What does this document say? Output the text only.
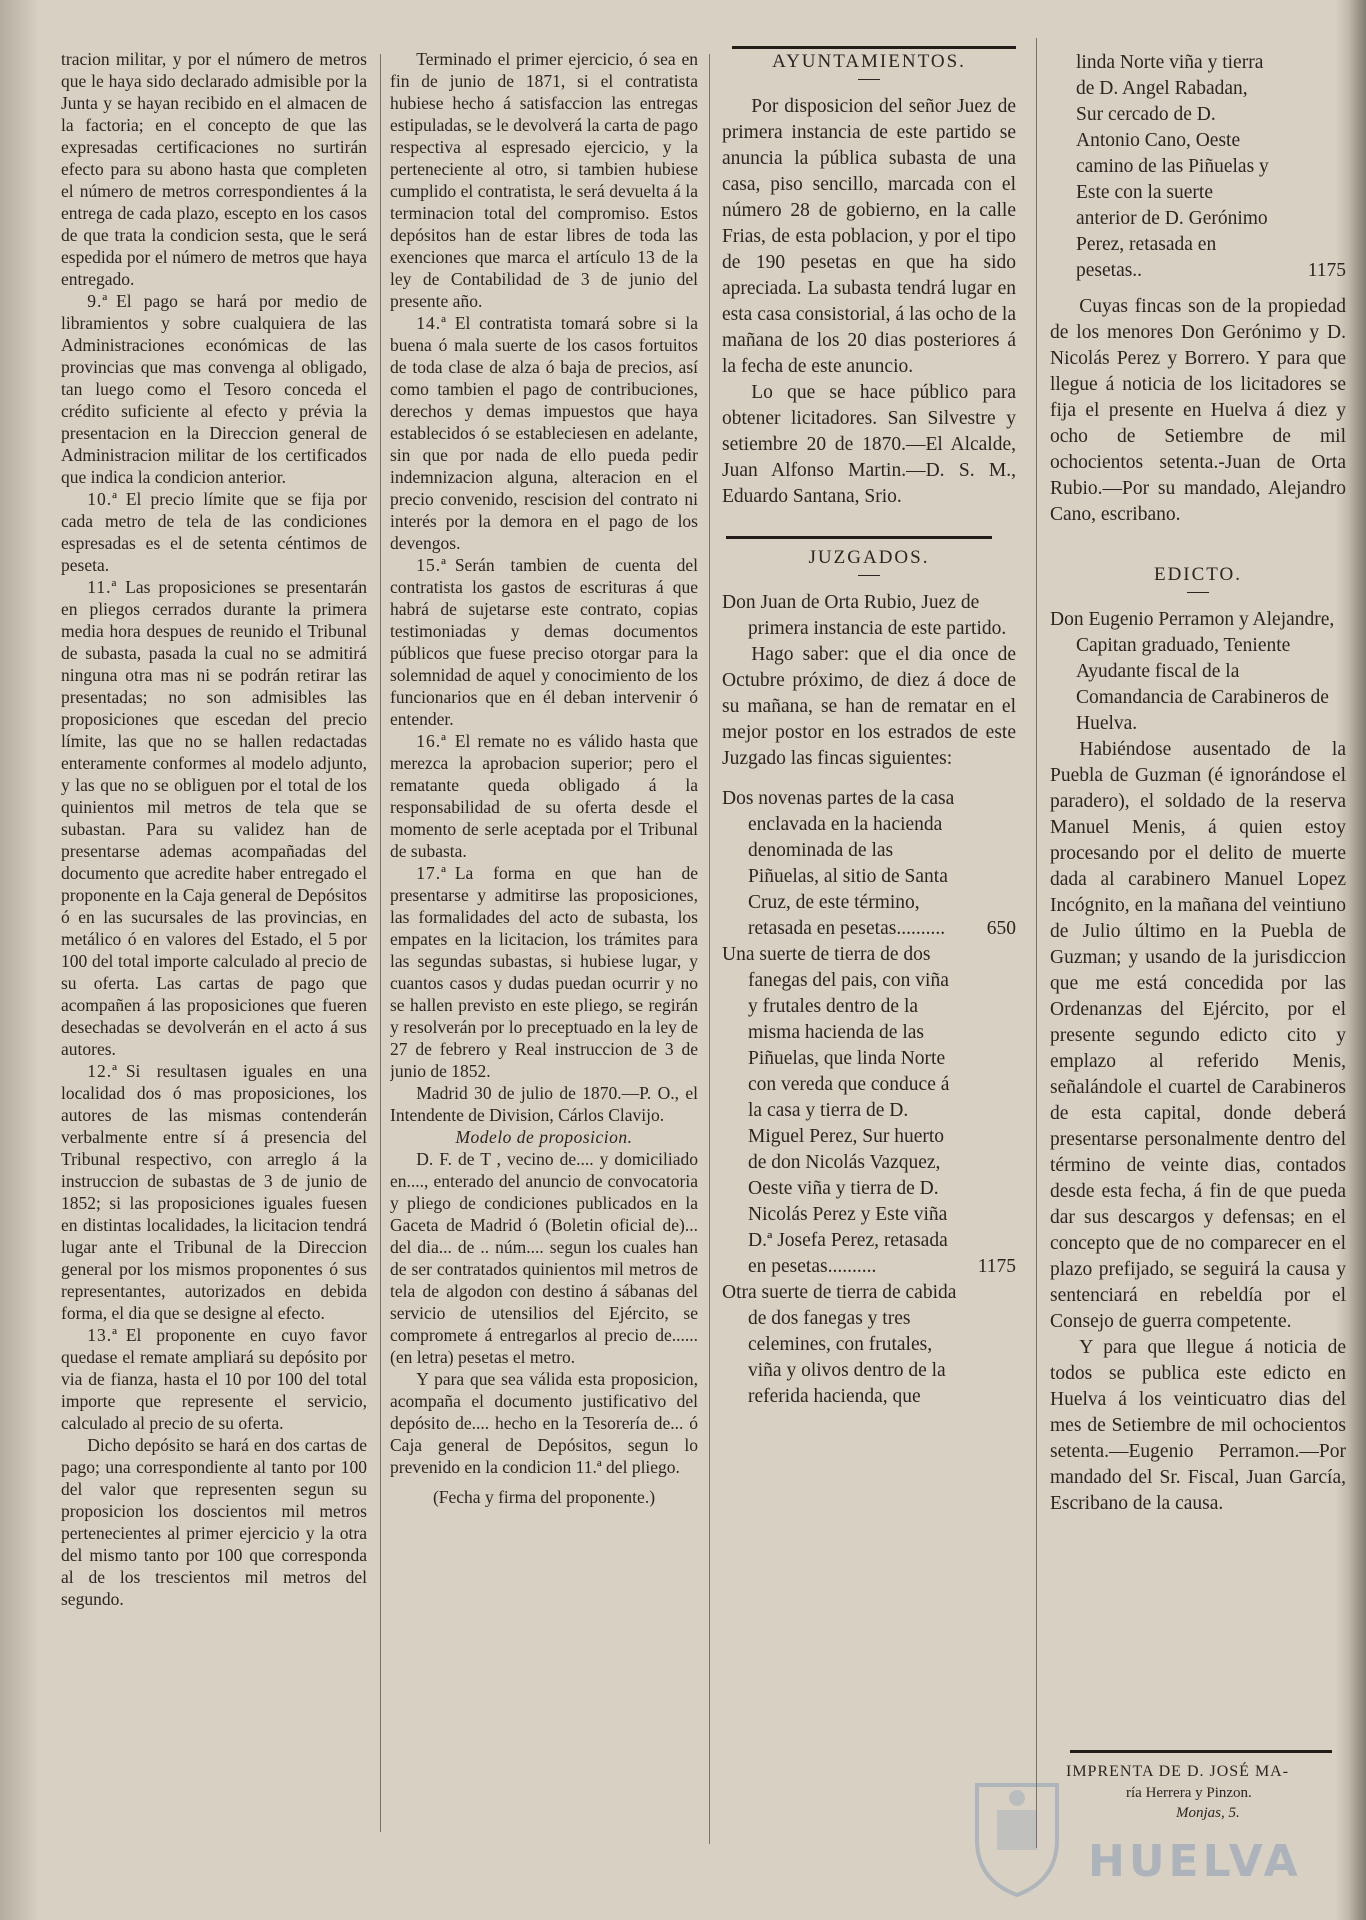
tracion militar, y por el número de metros que le haya sido declarado admisible por la Junta y se hayan recibido en el almacen de la factoria; en el concepto de que las expresadas certificaciones no surtirán efecto para su abono hasta que completen el número de metros correspondientes á la entrega de cada plazo, escepto en los casos de que trata la condicion sesta, que le será espedida por el número de metros que haya entregado.

9.ª El pago se hará por medio de libramientos y sobre cualquiera de las Administraciones económicas de las provincias que mas convenga al obligado, tan luego como el Tesoro conceda el crédito suficiente al efecto y prévia la presentacion en la Direccion general de Administracion militar de los certificados que indica la condicion anterior.

10.ª El precio límite que se fija por cada metro de tela de las condiciones espresadas es el de setenta céntimos de peseta.

11.ª Las proposiciones se presentarán en pliegos cerrados durante la primera media hora despues de reunido el Tribunal de subasta, pasada la cual no se admitirá ninguna otra mas ni se podrán retirar las presentadas; no son admisibles las proposiciones que escedan del precio límite, las que no se hallen redactadas enteramente conformes al modelo adjunto, y las que no se obliguen por el total de los quinientos mil metros de tela que se subastan. Para su validez han de presentarse ademas acompañadas del documento que acredite haber entregado el proponente en la Caja general de Depósitos ó en las sucursales de las provincias, en metálico ó en valores del Estado, el 5 por 100 del total importe calculado al precio de su oferta. Las cartas de pago que acompañen á las proposiciones que fueren desechadas se devolverán en el acto á sus autores.

12.ª Si resultasen iguales en una localidad dos ó mas proposiciones, los autores de las mismas contenderán verbalmente entre sí á presencia del Tribunal respectivo, con arreglo á la instruccion de subastas de 3 de junio de 1852; si las proposiciones iguales fuesen en distintas localidades, la licitacion tendrá lugar ante el Tribunal de la Direccion general por los mismos proponentes ó sus representantes, autorizados en debida forma, el dia que se designe al efecto.

13.ª El proponente en cuyo favor quedase el remate ampliará su depósito por via de fianza, hasta el 10 por 100 del total importe que represente el servicio, calculado al precio de su oferta.

Dicho depósito se hará en dos cartas de pago; una correspondiente al tanto por 100 del valor que representen segun su proposicion los doscientos mil metros pertenecientes al primer ejercicio y la otra del mismo tanto por 100 que corresponda al de los trescientos mil metros del segundo.

Terminado el primer ejercicio, ó sea en fin de junio de 1871, si el contratista hubiese hecho á satisfaccion las entregas estipuladas, se le devolverá la carta de pago respectiva al espresado ejercicio, y la perteneciente al otro, si tambien hubiese cumplido el contratista, le será devuelta á la terminacion total del compromiso. Estos depósitos han de estar libres de toda las exenciones que marca el artículo 13 de la ley de Contabilidad de 3 de junio del presente año.

14.ª El contratista tomará sobre si la buena ó mala suerte de los casos fortuitos de toda clase de alza ó baja de precios, así como tambien el pago de contribuciones, derechos y demas impuestos que haya establecidos ó se estableciesen en adelante, sin que por nada de ello pueda pedir indemnizacion alguna, alteracion en el precio convenido, rescision del contrato ni interés por la demora en el pago de los devengos.

15.ª Serán tambien de cuenta del contratista los gastos de escrituras á que habrá de sujetarse este contrato, copias testimoniadas y demas documentos públicos que fuese preciso otorgar para la solemnidad de aquel y conocimiento de los funcionarios que en él deban intervenir ó entender.

16.ª El remate no es válido hasta que merezca la aprobacion superior; pero el rematante queda obligado á la responsabilidad de su oferta desde el momento de serle aceptada por el Tribunal de subasta.

17.ª La forma en que han de presentarse y admitirse las proposiciones, las formalidades del acto de subasta, los empates en la licitacion, los trámites para las segundas subastas, si hubiese lugar, y cuantos casos y dudas puedan ocurrir y no se hallen previsto en este pliego, se regirán y resolverán por lo preceptuado en la ley de 27 de febrero y Real instruccion de 3 de junio de 1852.

Madrid 30 de julio de 1870.—P. O., el Intendente de Division, Cárlos Clavijo.

Modelo de proposicion.

D. F. de T , vecino de.... y domiciliado en...., enterado del anuncio de convocatoria y pliego de condiciones publicados en la Gaceta de Madrid ó (Boletin oficial de)... del dia... de .. núm.... segun los cuales han de ser contratados quinientos mil metros de tela de algodon con destino á sábanas del servicio de utensilios del Ejército, se compromete á entregarlos al precio de...... (en letra) pesetas el metro.

Y para que sea válida esta proposicion, acompaña el documento justificativo del depósito de.... hecho en la Tesorería de... ó Caja general de Depósitos, segun lo prevenido en la condicion 11.ª del pliego.

(Fecha y firma del proponente.)

AYUNTAMIENTOS.

Por disposicion del señor Juez de primera instancia de este partido se anuncia la pública subasta de una casa, piso sencillo, marcada con el número 28 de gobierno, en la calle Frias, de esta poblacion, y por el tipo de 190 pesetas en que ha sido apreciada. La subasta tendrá lugar en esta casa consistorial, á las ocho de la mañana de los 20 dias posteriores á la fecha de este anuncio.

Lo que se hace público para obtener licitadores. San Silvestre y setiembre 20 de 1870.—El Alcalde, Juan Alfonso Martin.—D. S. M., Eduardo Santana, Srio.

JUZGADOS.

Don Juan de Orta Rubio, Juez de primera instancia de este partido.

Hago saber: que el dia once de Octubre próximo, de diez á doce de su mañana, se han de rematar en el mejor postor en los estrados de este Juzgado las fincas siguientes:

Dos novenas partes de la casa enclavada en la hacienda denominada de las Piñuelas, al sitio de Santa Cruz, de este término, retasada en pesetas..........	650
Una suerte de tierra de dos fanegas del pais, con viña y frutales dentro de la misma hacienda de las Piñuelas, que linda Norte con vereda que conduce á la casa y tierra de D. Miguel Perez, Sur huerto de don Nicolás Vazquez, Oeste viña y tierra de D. Nicolás Perez y Este viña D.ª Josefa Perez, retasada en pesetas..........	1175
Otra suerte de tierra de cabida de dos fanegas y tres celemines, con frutales, viña y olivos dentro de la referida hacienda, que
linda Norte viña y tierra de D. Angel Rabadan, Sur cercado de D. Antonio Cano, Oeste camino de las Piñuelas y Este con la suerte anterior de D. Gerónimo Perez, retasada en pesetas..	1175

Cuyas fincas son de la propiedad de los menores Don Gerónimo y D. Nicolás Perez y Borrero. Y para que llegue á noticia de los licitadores se fija el presente en Huelva á diez y ocho de Setiembre de mil ochocientos setenta.-Juan de Orta Rubio.—Por su mandado, Alejandro Cano, escribano.

EDICTO.

Don Eugenio Perramon y Alejandre, Capitan graduado, Teniente Ayudante fiscal de la Comandancia de Carabineros de Huelva.

Habiéndose ausentado de la Puebla de Guzman (é ignorándose el paradero), el soldado de la reserva Manuel Menis, á quien estoy procesando por el delito de muerte dada al carabinero Manuel Lopez Incógnito, en la mañana del veintiuno de Julio último en la Puebla de Guzman; y usando de la jurisdiccion que me está concedida por las Ordenanzas del Ejército, por el presente segundo edicto cito y emplazo al referido Menis, señalándole el cuartel de Carabineros de esta capital, donde deberá presentarse personalmente dentro del término de veinte dias, contados desde esta fecha, á fin de que pueda dar sus descargos y defensas; en el concepto que de no comparecer en el plazo prefijado, se seguirá la causa y sentenciará en rebeldía por el Consejo de guerra competente.

Y para que llegue á noticia de todos se publica este edicto en Huelva á los veinticuatro dias del mes de Setiembre de mil ochocientos setenta.—Eugenio Perramon.—Por mandado del Sr. Fiscal, Juan García, Escribano de la causa.

IMPRENTA DE D. JOSÉ MA-
ría Herrera y Pinzon.
Monjas, 5.
HUELVA
